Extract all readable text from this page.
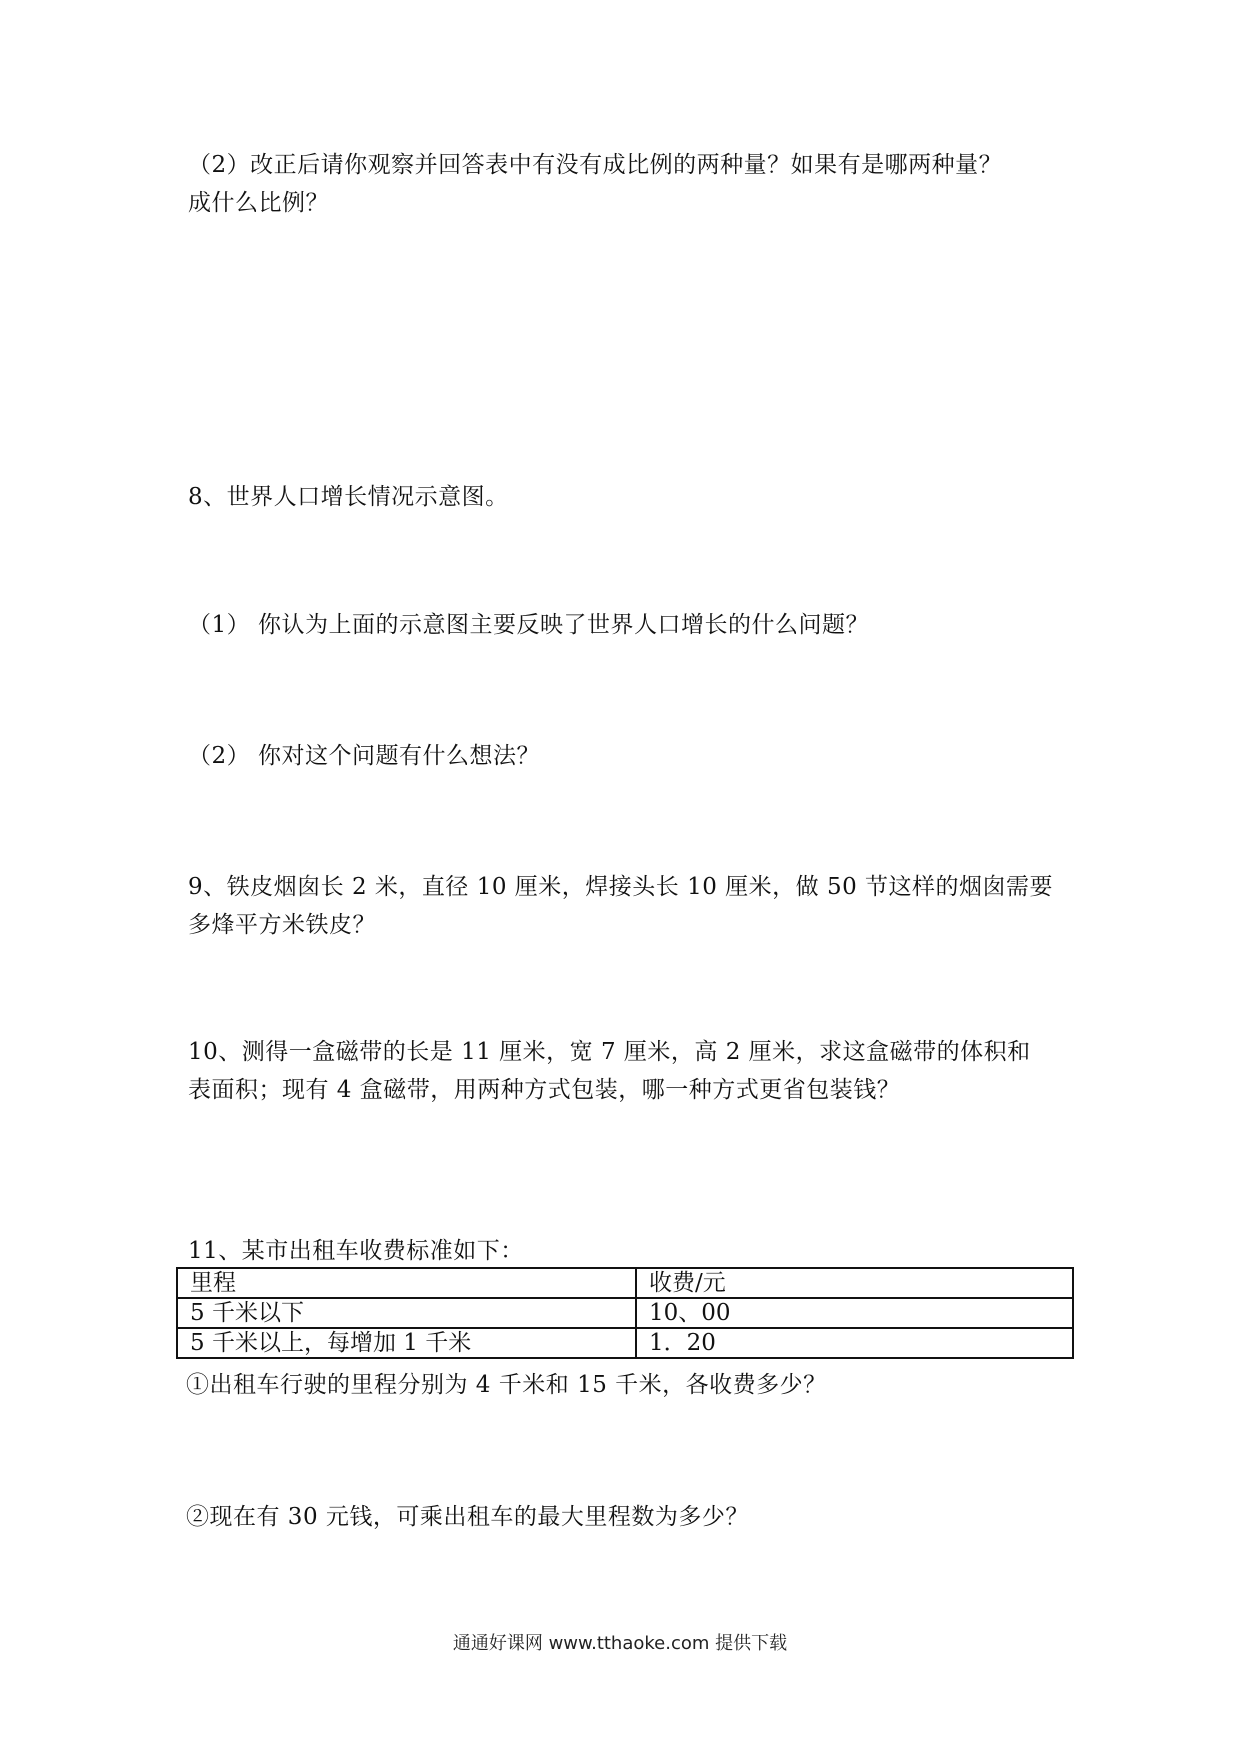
（2）改正后请你观察并回答表中有没有成比例的两种量？如果有是哪两种量？
成什么比例？
8、世界人口增长情况示意图。
（1） 你认为上面的示意图主要反映了世界人口增长的什么问题？
（2） 你对这个问题有什么想法？
9、铁皮烟囱长 2 米，直径 10 厘米，焊接头长 10 厘米，做 50 节这样的烟囱需要
多烽平方米铁皮？
10、测得一盒磁带的长是 11 厘米，宽 7 厘米，高 2 厘米，求这盒磁带的体积和
表面积；现有 4 盒磁带，用两种方式包装，哪一种方式更省包装钱？
11、某市出租车收费标准如下：
里程	收费/元
5 千米以下	10、00
5 千米以上，每增加 1 千米	1．20
①出租车行驶的里程分别为 4 千米和 15 千米，各收费多少？
②现在有 30 元钱，可乘出租车的最大里程数为多少？
通通好课网 www.tthaoke.com 提供下载
